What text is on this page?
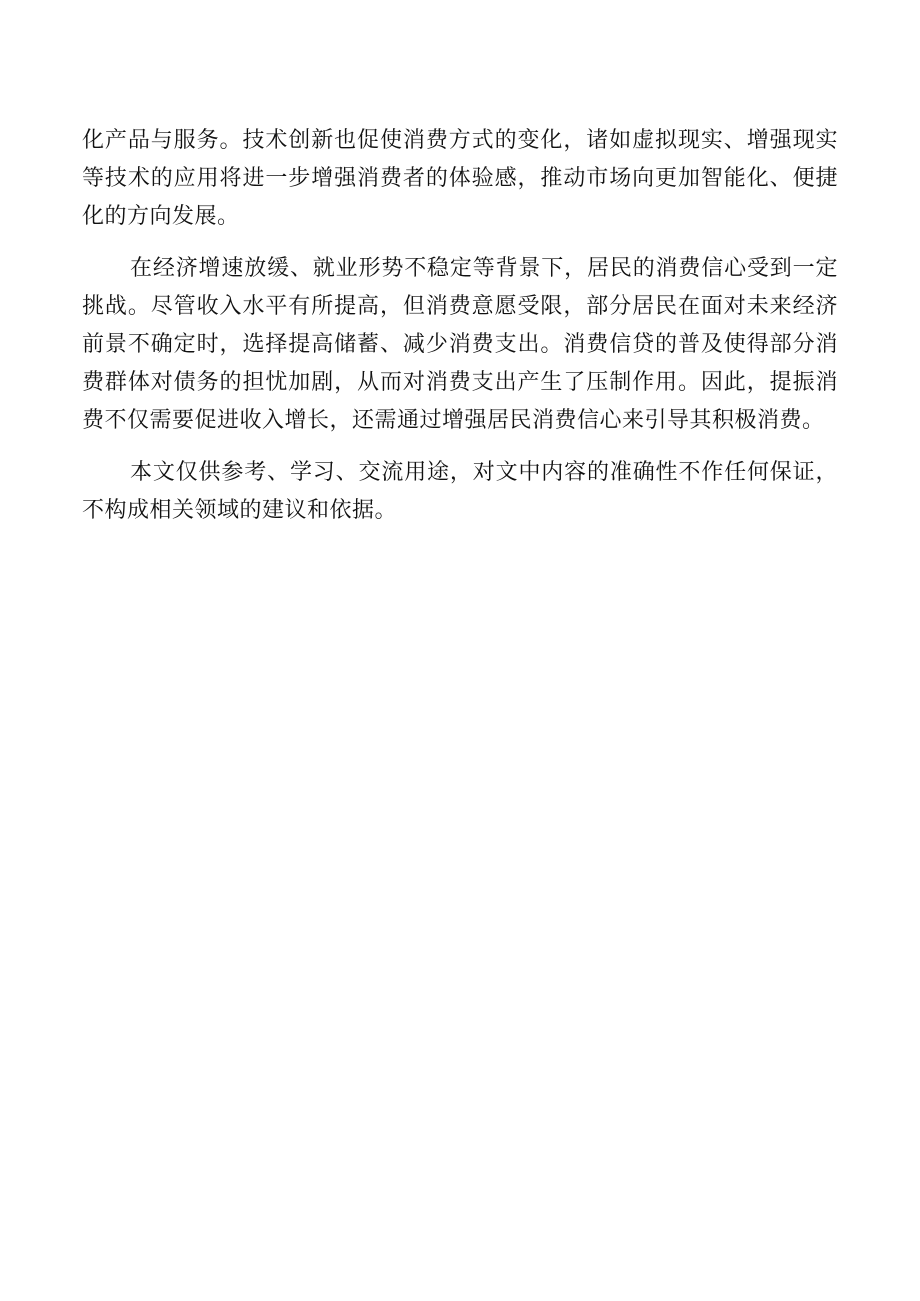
化产品与服务。技术创新也促使消费方式的变化，诸如虚拟现实、增强现实等技术的应用将进一步增强消费者的体验感，推动市场向更加智能化、便捷化的方向发展。

在经济增速放缓、就业形势不稳定等背景下，居民的消费信心受到一定挑战。尽管收入水平有所提高，但消费意愿受限，部分居民在面对未来经济前景不确定时，选择提高储蓄、减少消费支出。消费信贷的普及使得部分消费群体对债务的担忧加剧，从而对消费支出产生了压制作用。因此，提振消费不仅需要促进收入增长，还需通过增强居民消费信心来引导其积极消费。

本文仅供参考、学习、交流用途，对文中内容的准确性不作任何保证，不构成相关领域的建议和依据。
